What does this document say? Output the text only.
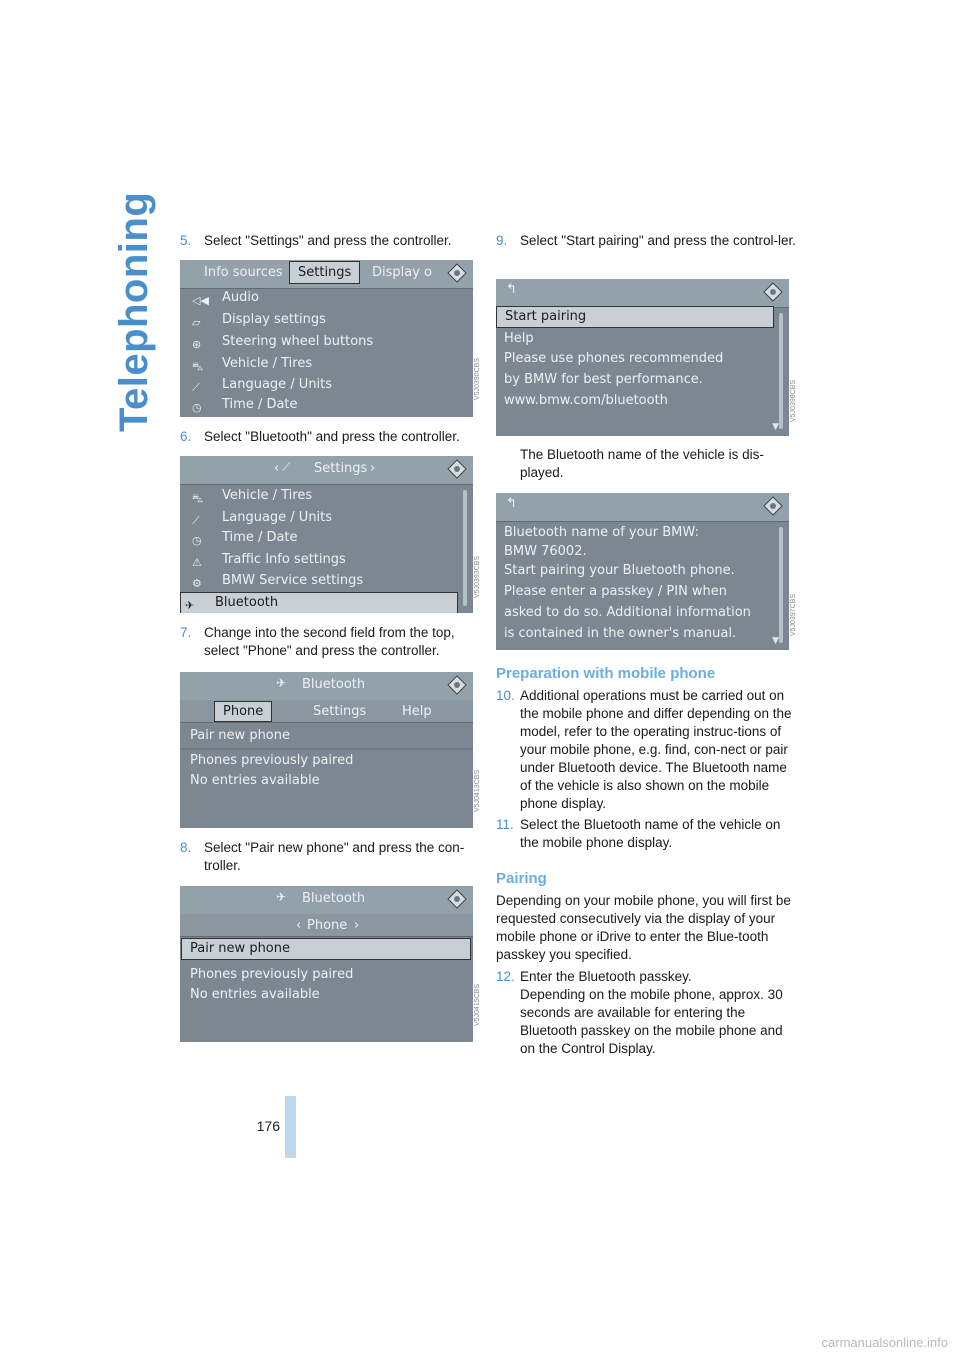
Telephoning 5. Select "Settings" and press the controller.
Info sources	Settings	Display o
◁◀	Audio
▱	Display settings
⊛	Steering wheel buttons
⛍	Vehicle / Tires
⟋	Language / Units
◷	Time / Date
V5J0390CBS
6. Select "Bluetooth" and press the controller.
‹ ⟋ Settings ›
⛍	Vehicle / Tires
⟋	Language / Units
◷	Time / Date
⚠	Traffic Info settings
⚙	BMW Service settings
✈	Bluetooth
V5J0393CBS
7. Change into the second field from the top, select "Phone" and press the controller.
✈ Bluetooth
Phone	Settings	Help
Pair new phone
Phones previously paired
No entries available	V5J0413CBS
8. Select "Pair new phone" and press the con-troller.
✈ Bluetooth
‹ Phone ›
Pair new phone
Phones previously paired
No entries available	V5J0415CBS
9. Select "Start pairing" and press the control-ler.
↰
Start pairing
Help
Please use phones recommended
by BMW for best performance.
www.bmw.com/bluetooth
▼
V5J0398CBS
The Bluetooth name of the vehicle is dis-played.
↰
Bluetooth name of your BMW:
BMW 76002.
Start pairing your Bluetooth phone.
Please enter a passkey / PIN when
asked to do so. Additional information
is contained in the owner's manual.	▼
V5J0397CBS
Preparation with mobile phone
10. Additional operations must be carried out on the mobile phone and differ depending on the model, refer to the operating instruc-tions of your mobile phone, e.g. find, con-nect or pair under Bluetooth device. The Bluetooth name of the vehicle is also shown on the mobile phone display.
11. Select the Bluetooth name of the vehicle on the mobile phone display.
Pairing
Depending on your mobile phone, you will first be requested consecutively via the display of your mobile phone or iDrive to enter the Blue-tooth passkey you specified.
12. Enter the Bluetooth passkey.
Depending on the mobile phone, approx. 30 seconds are available for entering the Bluetooth passkey on the mobile phone and on the Control Display.
176
carmanualsonline.info
